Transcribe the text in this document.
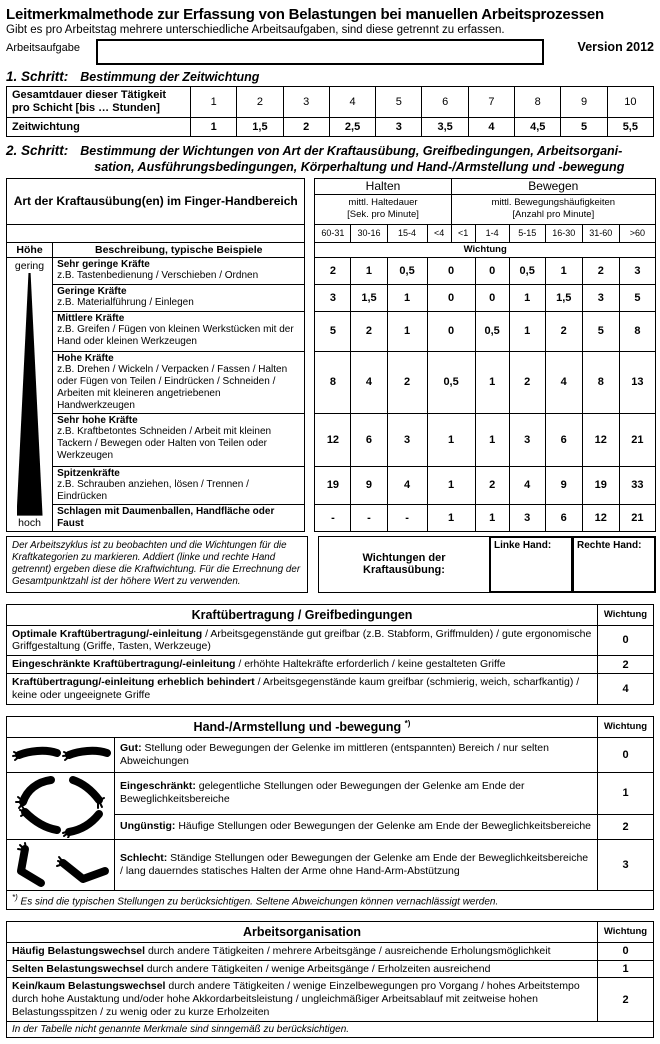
Leitmerkmalmethode zur Erfassung von Belastungen bei manuellen Arbeitsprozessen
Gibt es pro Arbeitstag mehrere unterschiedliche Arbeitsaufgaben, sind diese getrennt zu erfassen.
Arbeitsaufgabe	Version 2012
1. Schritt: Bestimmung der Zeitwichtung
Gesamtdauer dieser Tätigkeit pro Schicht [bis … Stunden]	1	2	3	4	5	6	7	8	9	10
Zeitwichtung	1	1,5	2	2,5	3	3,5	4	4,5	5	5,5
2. Schritt: Bestimmung der Wichtungen von Art der Kraftausübung, Greifbedingungen, Arbeitsorgani-
sation, Ausführungsbedingungen, Körperhaltung und Hand-/Armstellung und -bewegung
Art der Kraftausübung(en) im Finger-Handbereich			Halten				Bewegen					

mittl. Haltedauer
[Sek. pro Minute]

mittl. Bewegungshäufigkeiten
[Anzahl pro Minute]

			60-31	30-16	15-4	<4	<1	1-4	5-15	16-30	31-60	>60
Höhe	Beschreibung, typische Beispiele		Wichtung									

gering
hoch

Sehr geringe Kräfte
z.B. Tastenbedienung / Verschieben / Ordnen		2	1	0,5	0	0	0,5	1	2	3

	Geringe Kräfte
z.B. Materialführung / Einlegen		3	1,5	1	0		0	1	1,5	3	5

	Mittlere Kräfte
z.B. Greifen / Fügen von kleinen Werkstücken mit der Hand oder kleinen Werkzeugen		5	2	1	0		0,5	1	2	5	8

	Hohe Kräfte
z.B. Drehen / Wickeln / Verpacken / Fassen / Halten oder Fügen von Teilen / Eindrücken / Schneiden / Arbeiten mit kleineren angetriebenen Handwerkzeugen		8	4	2	0,5		1	2	4	8	13

	Sehr hohe Kräfte
z.B. Kraftbetontes Schneiden / Arbeit mit kleinen Tackern / Bewegen oder Halten von Teilen oder Werkzeugen		12	6	3	1		1	3	6	12	21

	Spitzenkräfte
z.B. Schrauben anziehen, lösen / Trennen / Eindrücken		19	9	4	1		2	4	9	19	33

	Schlagen mit Daumenballen, Handfläche oder Faust		-	-	-	1		1	3	6	12	21
Der Arbeitszyklus ist zu beobachten und die Wichtungen für die Kraftkategorien zu markieren. Addiert (linke und rechte Hand getrennt) ergeben diese die Kraftwichtung. Für die Errechnung der Gesamtpunktzahl ist der höhere Wert zu verwenden.
Wichtungen der Kraftausübung:
Linke Hand:	Rechte Hand:
Kraftübertragung / Greifbedingungen	Wichtung
Optimale Kraftübertragung/-einleitung / Arbeitsgegenstände gut greifbar (z.B. Stabform, Griffmulden) / gute ergonomische Griffgestaltung (Griffe, Tasten, Werkzeuge)	0
Eingeschränkte Kraftübertragung/-einleitung / erhöhte Haltekräfte erforderlich / keine gestalteten Griffe	2
Kraftübertragung/-einleitung erheblich behindert / Arbeitsgegenstände kaum greifbar (schmierig, weich, scharfkantig) / keine oder ungeeignete Griffe	4
Hand-/Armstellung und -bewegung *)		Wichtung

	Gut: Stellung oder Bewegungen der Gelenke im mittleren (entspannten) Bereich / nur selten Abweichungen	0

	Eingeschränkt: gelegentliche Stellungen oder Bewegungen der Gelenke am Ende der Beweglichkeitsbereiche	1
	Ungünstig: Häufige Stellungen oder Bewegungen der Gelenke am Ende der Beweglichkeitsbereiche	2

	Schlecht: Ständige Stellungen oder Bewegungen der Gelenke am Ende der Beweglichkeitsbereiche / lang dauerndes statisches Halten der Arme ohne Hand-Arm-Abstützung	3
*) Es sind die typischen Stellungen zu berücksichtigen. Seltene Abweichungen können vernachlässigt werden.		
Arbeitsorganisation	Wichtung
Häufig Belastungswechsel durch andere Tätigkeiten / mehrere Arbeitsgänge / ausreichende Erholungsmöglichkeit	0
Selten Belastungswechsel durch andere Tätigkeiten / wenige Arbeitsgänge / Erholzeiten ausreichend	1
Kein/kaum Belastungswechsel durch andere Tätigkeiten / wenige Einzelbewegungen pro Vorgang / hohes Arbeitstempo durch hohe Austaktung und/oder hohe Akkordarbeitsleistung / ungleichmäßiger Arbeitsablauf mit zeitweise hohen Belastungsspitzen / zu wenig oder zu kurze Erholzeiten	2
In der Tabelle nicht genannte Merkmale sind sinngemäß zu berücksichtigen.	
